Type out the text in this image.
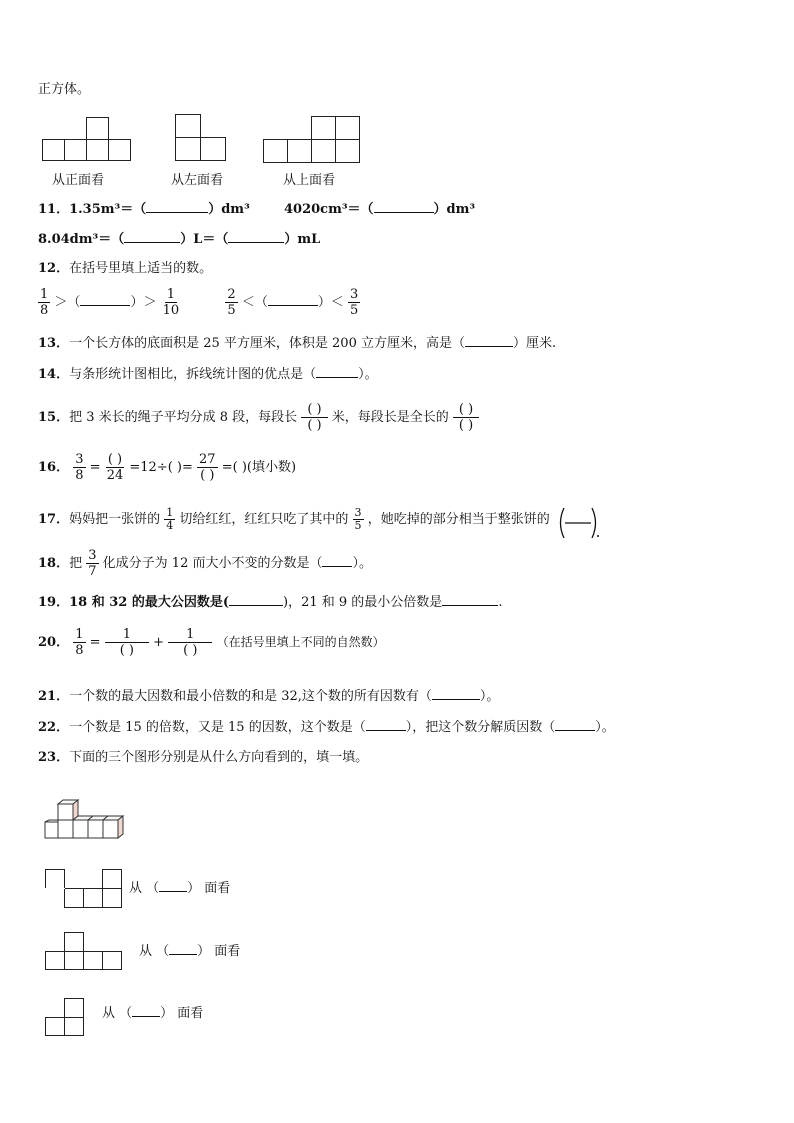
正方体。
从正面看	从左面看	从上面看
11．1.35m³＝（	）dm³	4020cm³＝（	）dm³
8.04dm³＝（	）L＝（	）mL
12．在括号里填上适当的数。
$\frac{1}{8}$ ＞（	）＞ $\frac{1}{10}$
	$\frac{2}{5}$ ＜（	）＜ $\frac{3}{5}$
13．一个长方体的底面积是 25 平方厘米，体积是 200 立方厘米，高是（	）厘米.
14．与条形统计图相比，拆线统计图的优点是（	）。
15．把 3 米长的绳子平均分成 8 段，每段长 $\frac{( )}{( )}$ 米，每段长是全长的 $\frac{( )}{( )}$
16． $\frac{3}{8} = \frac{( )}{24} =12\div$( )= $\frac{27}{( )}$ =( )(填小数)
17．妈妈把一张饼的 $\frac{1}{4}$ 切给红红，红红只吃了其中的 $\frac{3}{5}$ ，她吃掉的部分相当于整张饼的
18．把 $\frac{3}{7}$ 化成分子为 12 而大小不变的分数是（ ）。
19．18 和 32 的最大公因数是(	)，21 和 9 的最小公倍数是	.
20． $\frac{1}{8} = \frac{1}{( )} + \frac{1}{( )}$ （在括号里填上不同的自然数）
21．一个数的最大因数和最小倍数的和是 32,这个数的所有因数有（	）。
22．一个数是 15 的倍数，又是 15 的因数，这个数是（	），把这个数分解质因数（	）。
23．下面的三个图形分别是从什么方向看到的，填一填。
从 （ ） 面看
从 （ ） 面看
从 （ ） 面看
